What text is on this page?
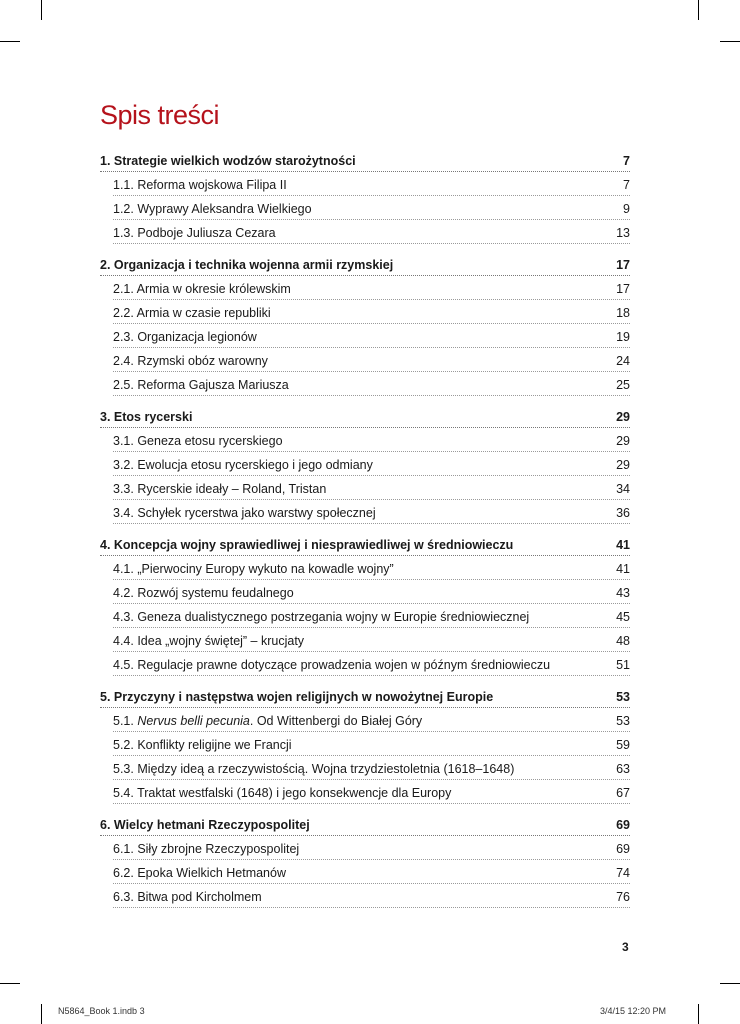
Spis treści
1. Strategie wielkich wodzów starożytności	7
1.1. Reforma wojskowa Filipa II	7
1.2. Wyprawy Aleksandra Wielkiego	9
1.3. Podboje Juliusza Cezara	13
2. Organizacja i technika wojenna armii rzymskiej	17
2.1. Armia w okresie królewskim	17
2.2. Armia w czasie republiki	18
2.3. Organizacja legionów	19
2.4. Rzymski obóz warowny	24
2.5. Reforma Gajusza Mariusza	25
3. Etos rycerski	29
3.1. Geneza etosu rycerskiego	29
3.2. Ewolucja etosu rycerskiego i jego odmiany	29
3.3. Rycerskie ideały – Roland, Tristan	34
3.4. Schyłek rycerstwa jako warstwy społecznej	36
4. Koncepcja wojny sprawiedliwej i niesprawiedliwej w średniowieczu	41
4.1. „Pierwociny Europy wykuto na kowadle wojny”	41
4.2. Rozwój systemu feudalnego	43
4.3. Geneza dualistycznego postrzegania wojny w Europie średniowiecznej	45
4.4. Idea „wojny świętej” – krucjaty	48
4.5. Regulacje prawne dotyczące prowadzenia wojen w późnym średniowieczu	51
5. Przyczyny i następstwa wojen religijnych w nowożytnej Europie	53
5.1. Nervus belli pecunia. Od Wittenbergi do Białej Góry	53
5.2. Konflikty religijne we Francji	59
5.3. Między ideą a rzeczywistością. Wojna trzydziestoletnia (1618–1648)	63
5.4. Traktat westfalski (1648) i jego konsekwencje dla Europy	67
6. Wielcy hetmani Rzeczypospolitej	69
6.1. Siły zbrojne Rzeczypospolitej	69
6.2. Epoka Wielkich Hetmanów	74
6.3. Bitwa pod Kircholmem	76
3
N5864_Book 1.indb 3	3/4/15 12:20 PM
